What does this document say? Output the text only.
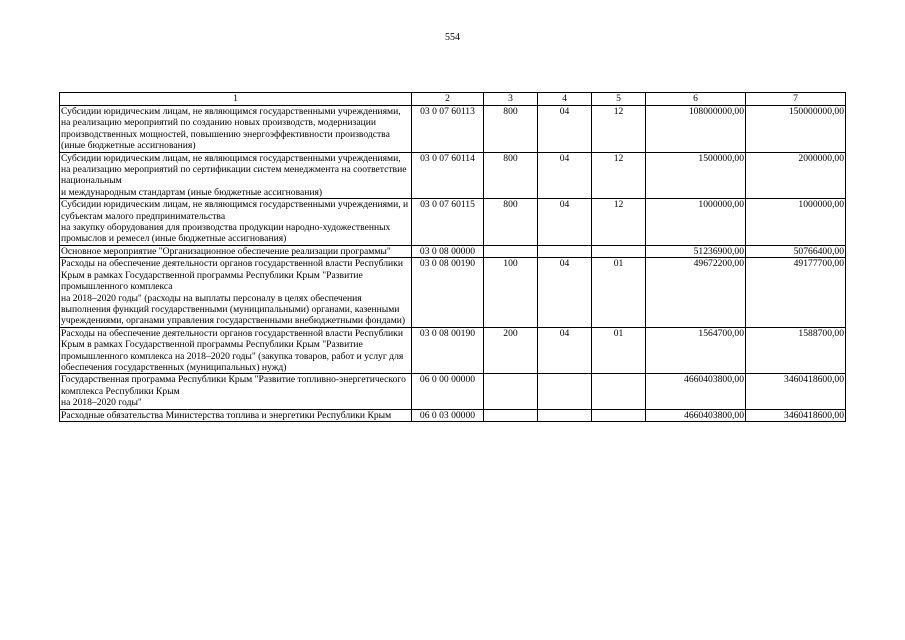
554
1	2	3	4	5	6	7
Субсидии юридическим лицам, не являющимся государственными учреждениями, на реализацию мероприятий по созданию новых производств, модернизации производственных мощностей, повышению энергоэффективности производства (иные бюджетные ассигнования)	03 0 07 60113	800	04	12	108000000,00	150000000,00
Субсидии юридическим лицам, не являющимся государственными учреждениями, на реализацию мероприятий по сертификации систем менеджмента на соответствие национальным
и международным стандартам (иные бюджетные ассигнования)	03 0 07 60114	800	04	12	1500000,00	2000000,00
Субсидии юридическим лицам, не являющимся государственными учреждениями, и субъектам малого предпринимательства
на закупку оборудования для производства продукции народно-художественных промыслов и ремесел (иные бюджетные ассигнования)	03 0 07 60115	800	04	12	1000000,00	1000000,00
Основное мероприятие "Организационное обеспечение реализации программы"	03 0 08 00000				51236900,00	50766400,00
Расходы на обеспечение деятельности органов государственной власти Республики Крым в рамках Государственной программы Республики Крым "Развитие промышленного комплекса
на 2018–2020 годы" (расходы на выплаты персоналу в целях обеспечения выполнения функций государственными (муниципальными) органами, казенными учреждениями, органами управления государственными внебюджетными фондами)	03 0 08 00190	100	04	01	49672200,00	49177700,00
Расходы на обеспечение деятельности органов государственной власти Республики Крым в рамках Государственной программы Республики Крым "Развитие промышленного комплекса на 2018–2020 годы" (закупка товаров, работ и услуг для обеспечения государственных (муниципальных) нужд)	03 0 08 00190	200	04	01	1564700,00	1588700,00
Государственная программа Республики Крым "Развитие топливно-энергетического комплекса Республики Крым
на 2018–2020 годы"	06 0 00 00000				4660403800,00	3460418600,00
Расходные обязательства Министерства топлива и энергетики Республики Крым	06 0 03 00000				4660403800,00	3460418600,00
